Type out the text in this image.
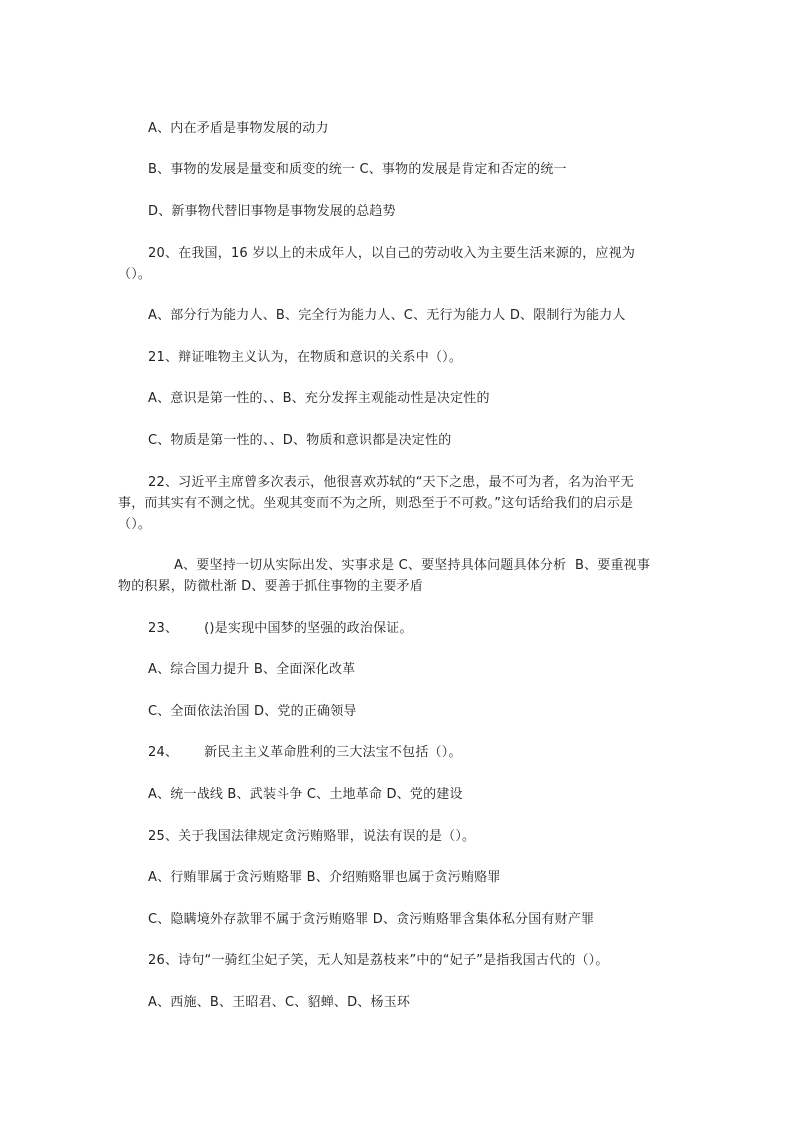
A、内在矛盾是事物发展的动力
B、事物的发展是量变和质变的统一 C、事物的发展是肯定和否定的统一
D、新事物代替旧事物是事物发展的总趋势
20、在我国，16 岁以上的未成年人，以自己的劳动收入为主要生活来源的，应视为
（）。
A、部分行为能力人、B、完全行为能力人、C、无行为能力人 D、限制行为能力人
21、辩证唯物主义认为，在物质和意识的关系中（）。
A、意识是第一性的、、B、充分发挥主观能动性是决定性的
C、物质是第一性的、、D、物质和意识都是决定性的
22、习近平主席曾多次表示，他很喜欢苏轼的“天下之患，最不可为者，名为治平无
事，而其实有不测之忧。坐观其变而不为之所，则恐至于不可救。”这句话给我们的启示是
（）。
A、要坚持一切从实际出发、实事求是 C、要坚持具体问题具体分析  B、要重视事
物的积累，防微杜渐 D、要善于抓住事物的主要矛盾
23、      ()是实现中国梦的坚强的政治保证。
A、综合国力提升 B、全面深化改革
C、全面依法治国 D、党的正确领导
24、      新民主主义革命胜利的三大法宝不包括（）。
A、统一战线 B、武装斗争 C、土地革命 D、党的建设
25、关于我国法律规定贪污贿赂罪，说法有误的是（）。
A、行贿罪属于贪污贿赂罪 B、介绍贿赂罪也属于贪污贿赂罪
C、隐瞒境外存款罪不属于贪污贿赂罪 D、贪污贿赂罪含集体私分国有财产罪
26、诗句“一骑红尘妃子笑，无人知是荔枝来”中的“妃子”是指我国古代的（）。
A、西施、B、王昭君、C、貂蝉、D、杨玉环
